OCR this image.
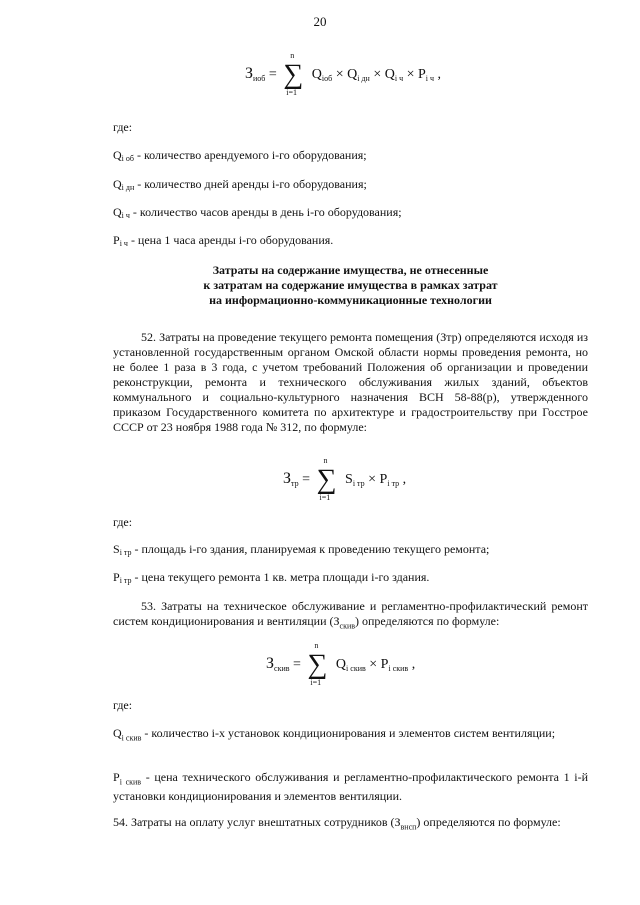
20
$З_{иоб}$ = ∑
n
i=1
$Q_{iоб} \times Q_{i дн} \times Q_{i ч} \times P_{i ч}$ ,
где:
$Q_{i об}$ - количество арендуемого i-го оборудования;
$Q_{i дн}$ - количество дней аренды i-го оборудования;
$Q_{i ч}$ - количество часов аренды в день i-го оборудования;
$P_{i ч}$ - цена 1 часа аренды i-го оборудования.
Затраты на содержание имущества, не отнесенные
к затратам на содержание имущества в рамках затрат
на информационно-коммуникационные технологии
52. Затраты на проведение текущего ремонта помещения (Зтр) определяются исходя из установленной государственным органом Омской области нормы проведения ремонта, но не более 1 раза в 3 года, с учетом требований Положения об организации и проведении реконструкции, ремонта и технического обслуживания жилых зданий, объектов коммунального и социально-культурного назначения ВСН 58-88(р), утвержденного приказом Государственного комитета по архитектуре и градостроительству при Госстрое СССР от 23 ноября 1988 года № 312, по формуле:
$З_{тр}$ = ∑
n
i=1
$S_{i тр} \times P_{i тр}$ ,
где:
$S_{i тр}$ - площадь i-го здания, планируемая к проведению текущего ремонта;
$P_{i тр}$ - цена текущего ремонта 1 кв. метра площади i-го здания.
53. Затраты на техническое обслуживание и регламентно-профилактический ремонт систем кондиционирования и вентиляции $(З_{скив})$ определяются по формуле:
$З_{скив}$ = ∑
n
i=1
$Q_{i скив} \times P_{i скив}$ ,
где:
$Q_{i скив}$ - количество i-х установок кондиционирования и элементов систем вентиляции;
$P_{i скив}$ - цена технического обслуживания и регламентно-профилактического ремонта 1 i-й установки кондиционирования и элементов вентиляции.
54. Затраты на оплату услуг внештатных сотрудников $(З_{внсп})$ определяются по формуле:
